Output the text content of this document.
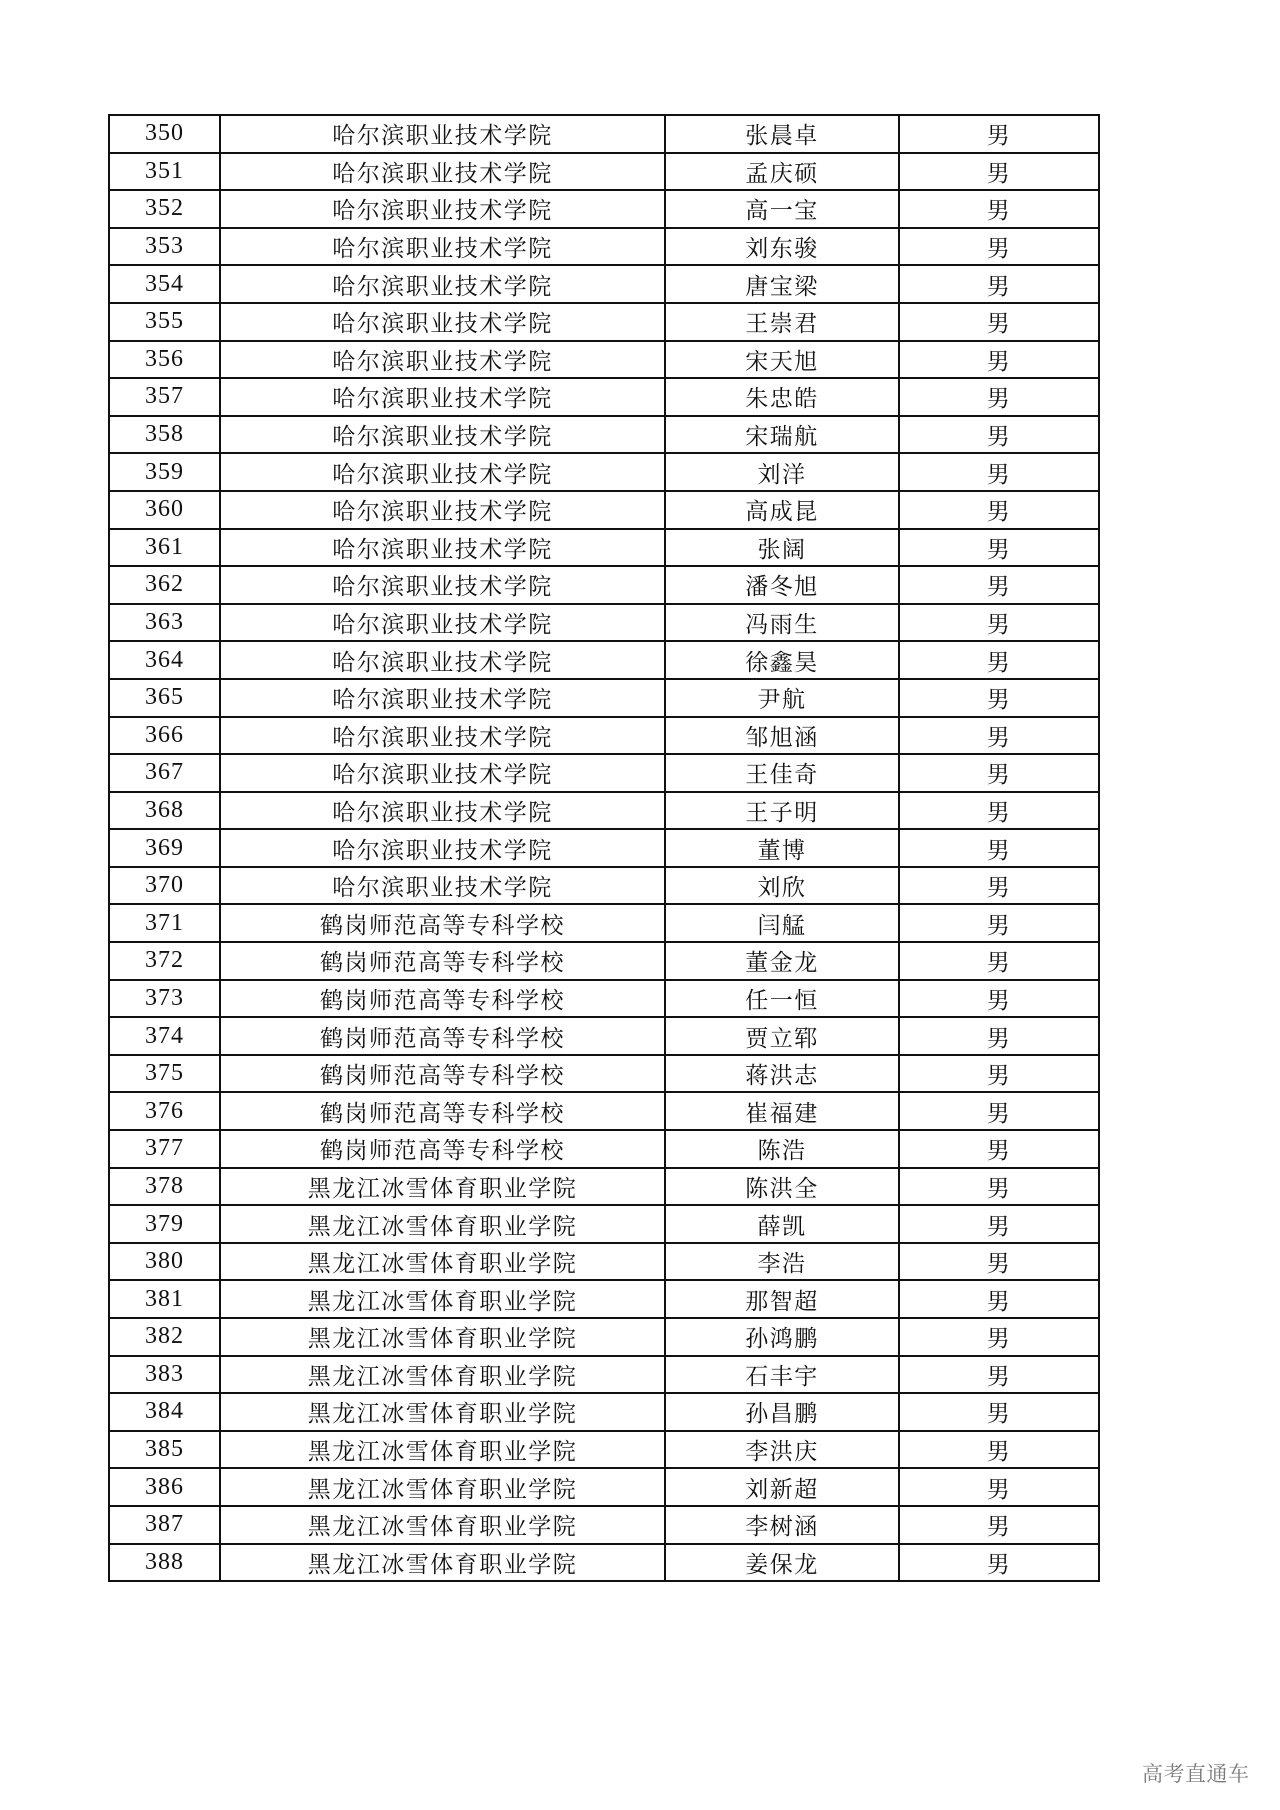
350	哈尔滨职业技术学院	张晨卓	男
351	哈尔滨职业技术学院	孟庆硕	男
352	哈尔滨职业技术学院	高一宝	男
353	哈尔滨职业技术学院	刘东骏	男
354	哈尔滨职业技术学院	唐宝梁	男
355	哈尔滨职业技术学院	王崇君	男
356	哈尔滨职业技术学院	宋天旭	男
357	哈尔滨职业技术学院	朱忠皓	男
358	哈尔滨职业技术学院	宋瑞航	男
359	哈尔滨职业技术学院	刘洋	男
360	哈尔滨职业技术学院	高成昆	男
361	哈尔滨职业技术学院	张阔	男
362	哈尔滨职业技术学院	潘冬旭	男
363	哈尔滨职业技术学院	冯雨生	男
364	哈尔滨职业技术学院	徐鑫昊	男
365	哈尔滨职业技术学院	尹航	男
366	哈尔滨职业技术学院	邹旭涵	男
367	哈尔滨职业技术学院	王佳奇	男
368	哈尔滨职业技术学院	王子明	男
369	哈尔滨职业技术学院	董博	男
370	哈尔滨职业技术学院	刘欣	男
371	鹤岗师范高等专科学校	闫艋	男
372	鹤岗师范高等专科学校	董金龙	男
373	鹤岗师范高等专科学校	任一恒	男
374	鹤岗师范高等专科学校	贾立郓	男
375	鹤岗师范高等专科学校	蒋洪志	男
376	鹤岗师范高等专科学校	崔福建	男
377	鹤岗师范高等专科学校	陈浩	男
378	黑龙江冰雪体育职业学院	陈洪全	男
379	黑龙江冰雪体育职业学院	薛凯	男
380	黑龙江冰雪体育职业学院	李浩	男
381	黑龙江冰雪体育职业学院	那智超	男
382	黑龙江冰雪体育职业学院	孙鸿鹏	男
383	黑龙江冰雪体育职业学院	石丰宇	男
384	黑龙江冰雪体育职业学院	孙昌鹏	男
385	黑龙江冰雪体育职业学院	李洪庆	男
386	黑龙江冰雪体育职业学院	刘新超	男
387	黑龙江冰雪体育职业学院	李树涵	男
388	黑龙江冰雪体育职业学院	姜保龙	男
高考直通车
